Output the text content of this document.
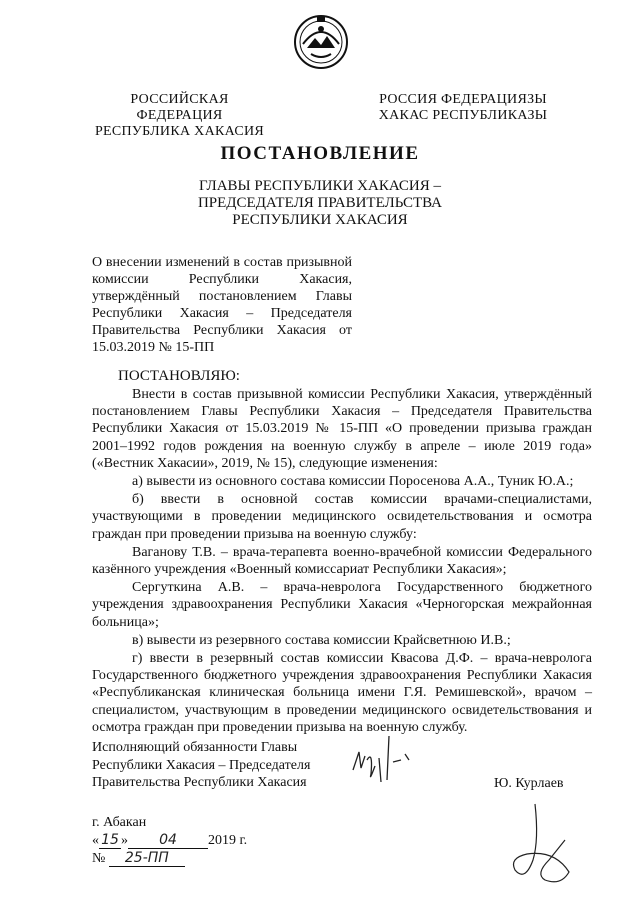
РОССИЙСКАЯ ФЕДЕРАЦИЯ
РЕСПУБЛИКА ХАКАСИЯ
РОССИЯ ФЕДЕРАЦИЯЗЫ
ХАКАС РЕСПУБЛИКАЗЫ
ПОСТАНОВЛЕНИЕ
ГЛАВЫ РЕСПУБЛИКИ ХАКАСИЯ –
ПРЕДСЕДАТЕЛЯ ПРАВИТЕЛЬСТВА
РЕСПУБЛИКИ ХАКАСИЯ
О внесении изменений в состав призывной комиссии Республики Хакасия, утверждённый постановлением Главы Республики Хакасия – Председателя Правительства Республики Хакасия от 15.03.2019 № 15-ПП
ПОСТАНОВЛЯЮ:

Внести в состав призывной комиссии Республики Хакасия, утверждённый постановлением Главы Республики Хакасия – Председателя Правительства Республики Хакасия от 15.03.2019 № 15-ПП «О проведении призыва граждан 2001–1992 годов рождения на военную службу в апреле – июле 2019 года» («Вестник Хакасии», 2019, № 15), следующие изменения:

а) вывести из основного состава комиссии Поросенова А.А., Туник Ю.А.;

б) ввести в основной состав комиссии врачами-специалистами, участвующими в проведении медицинского освидетельствования и осмотра граждан при проведении призыва на военную службу:

Ваганову Т.В. – врача-терапевта военно-врачебной комиссии Федерального казённого учреждения «Военный комиссариат Республики Хакасия»;

Сергуткина А.В. – врача-невролога Государственного бюджетного учреждения здравоохранения Республики Хакасия «Черногорская межрайонная больница»;

в) вывести из резервного состава комиссии Крайсветнюю И.В.;

г) ввести в резервный состав комиссии Квасова Д.Ф. – врача-невролога Государственного бюджетного учреждения здравоохранения Республики Хакасия «Республиканская клиническая больница имени Г.Я. Ремишевской», врачом – специалистом, участвующим в проведении медицинского освидетельствования и осмотра граждан при проведении призыва на военную службу.

Исполняющий обязанности Главы
Республики Хакасия – Председателя
Правительства Республики Хакасия	Ю. Курлаев
г. Абакан
« 15 » 04 2019 г.
№ 25-ПП
